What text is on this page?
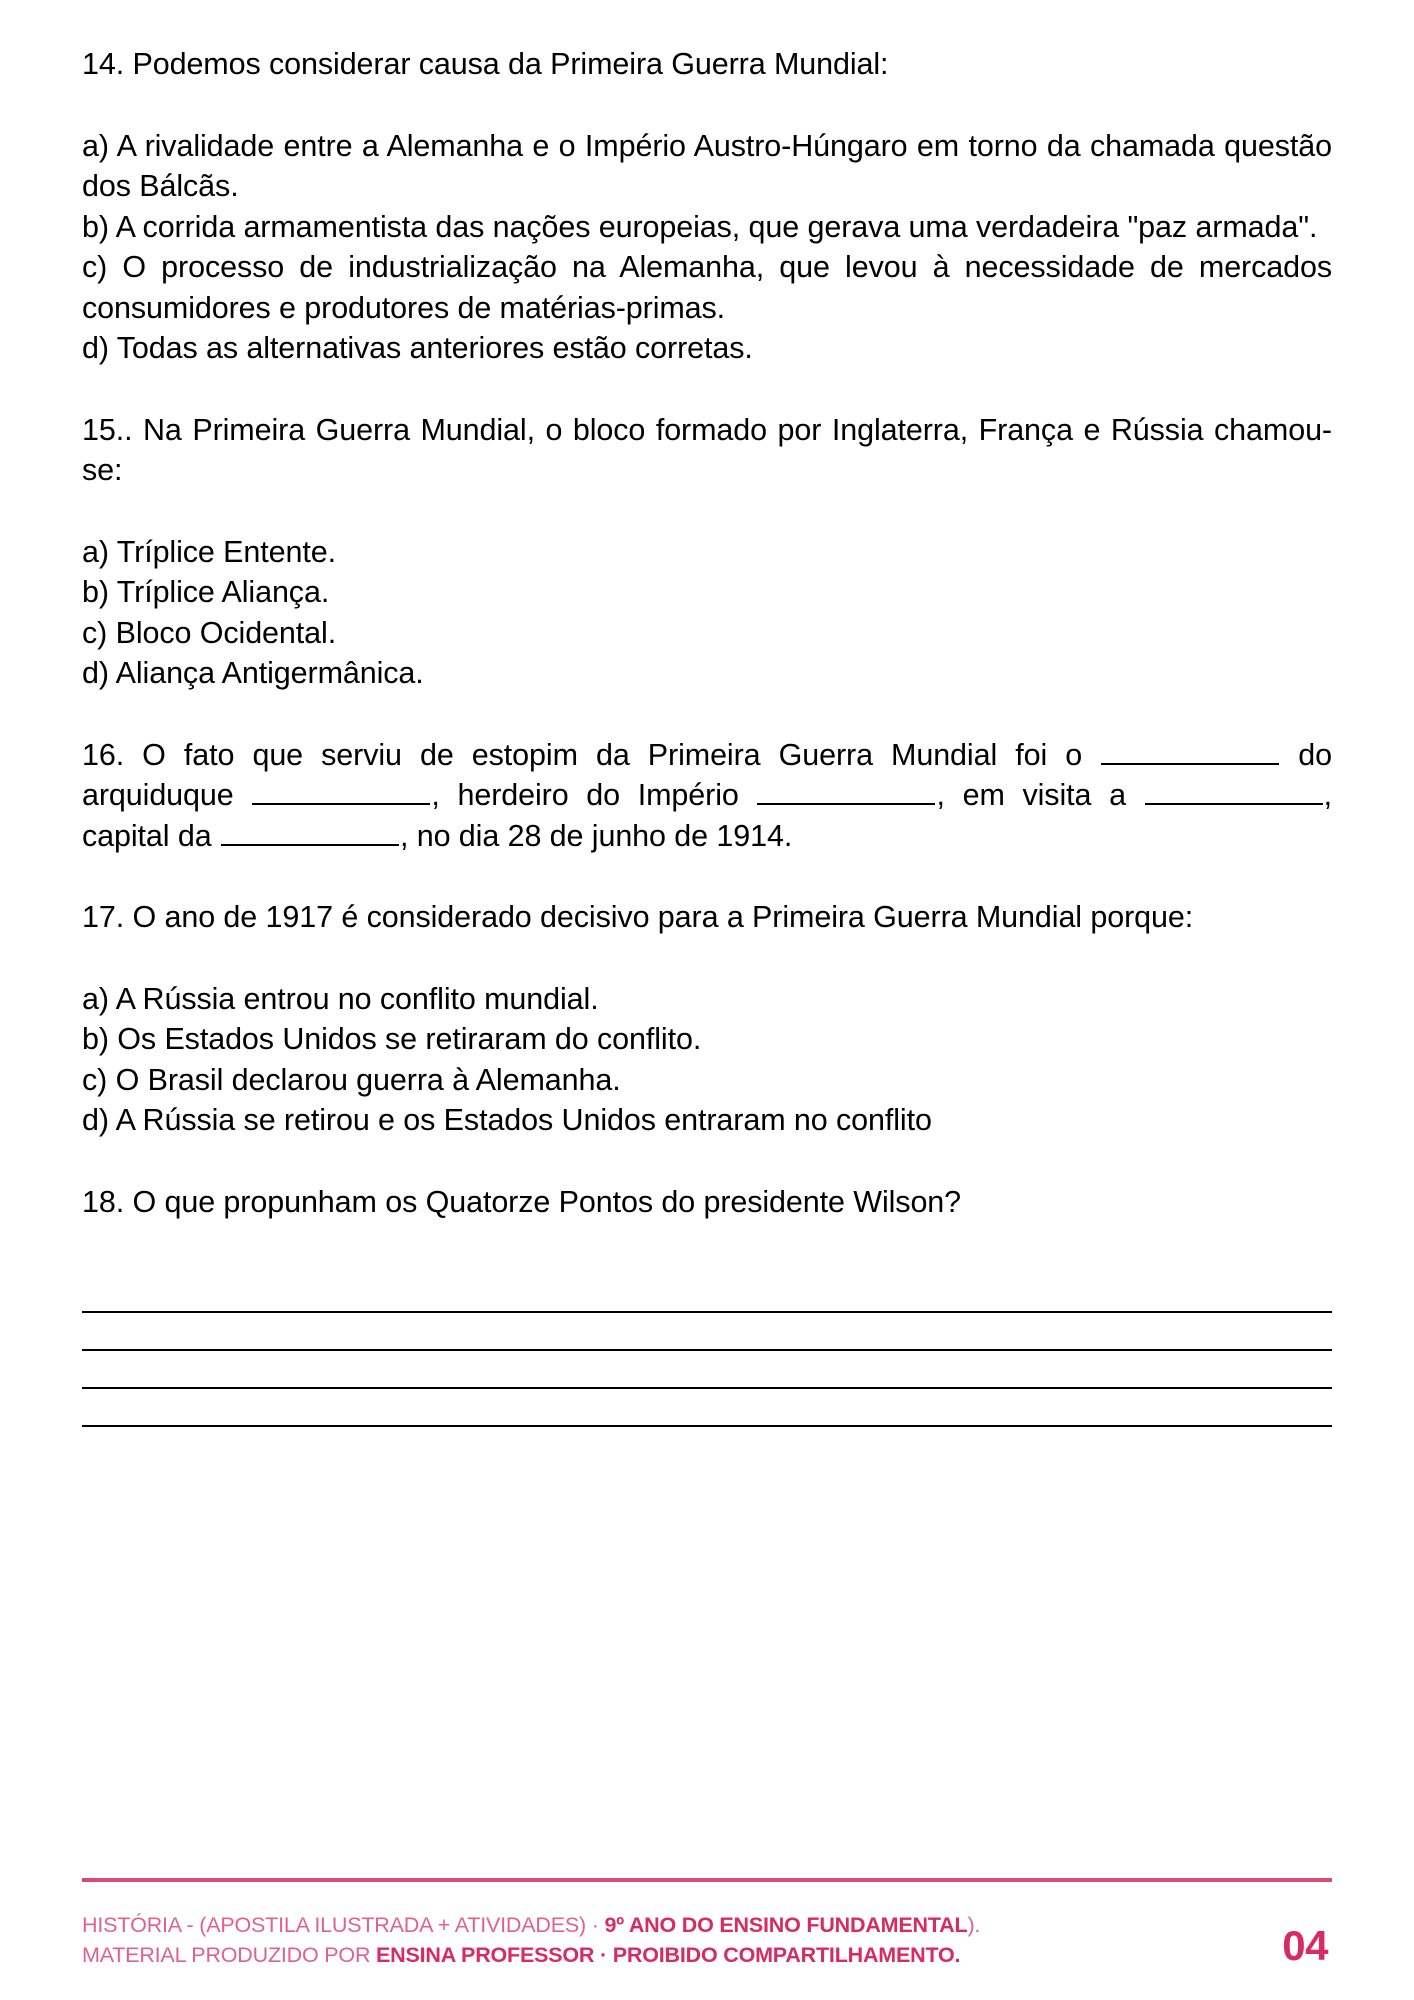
14. Podemos considerar causa da Primeira Guerra Mundial:

a) A rivalidade entre a Alemanha e o Império Austro-Húngaro em torno da chamada questão dos Bálcãs.

b) A corrida armamentista das nações europeias, que gerava uma verdadeira "paz armada".

c) O processo de industrialização na Alemanha, que levou à necessidade de mercados consumidores e produtores de matérias-primas.

d) Todas as alternativas anteriores estão corretas.

15.. Na Primeira Guerra Mundial, o bloco formado por Inglaterra, França e Rússia chamou-se:

a) Tríplice Entente.

b) Tríplice Aliança.

c) Bloco Ocidental.

d) Aliança Antigermânica.

16. O fato que serviu de estopim da Primeira Guerra Mundial foi o	do arquiduque	, herdeiro do Império	, em visita a	, capital da	, no dia 28 de junho de 1914.

17. O ano de 1917 é considerado decisivo para a Primeira Guerra Mundial porque:

a) A Rússia entrou no conflito mundial.

b) Os Estados Unidos se retiraram do conflito.

c) O Brasil declarou guerra à Alemanha.

d) A Rússia se retirou e os Estados Unidos entraram no conflito

18. O que propunham os Quatorze Pontos do presidente Wilson?

HISTÓRIA - (APOSTILA ILUSTRADA + ATIVIDADES) · 9º ANO DO ENSINO FUNDAMENTAL).
MATERIAL PRODUZIDO POR ENSINA PROFESSOR · PROIBIDO COMPARTILHAMENTO.	04
